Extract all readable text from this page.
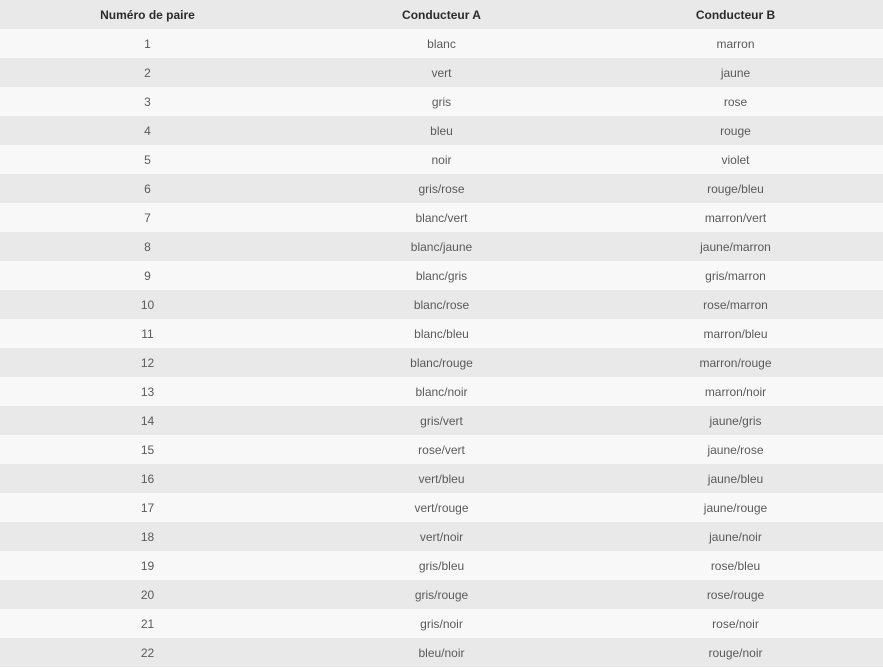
Numéro de paire	Conducteur A	Conducteur B
1	blanc	marron
2	vert	jaune
3	gris	rose
4	bleu	rouge
5	noir	violet
6	gris/rose	rouge/bleu
7	blanc/vert	marron/vert
8	blanc/jaune	jaune/marron
9	blanc/gris	gris/marron
10	blanc/rose	rose/marron
11	blanc/bleu	marron/bleu
12	blanc/rouge	marron/rouge
13	blanc/noir	marron/noir
14	gris/vert	jaune/gris
15	rose/vert	jaune/rose
16	vert/bleu	jaune/bleu
17	vert/rouge	jaune/rouge
18	vert/noir	jaune/noir
19	gris/bleu	rose/bleu
20	gris/rouge	rose/rouge
21	gris/noir	rose/noir
22	bleu/noir	rouge/noir
